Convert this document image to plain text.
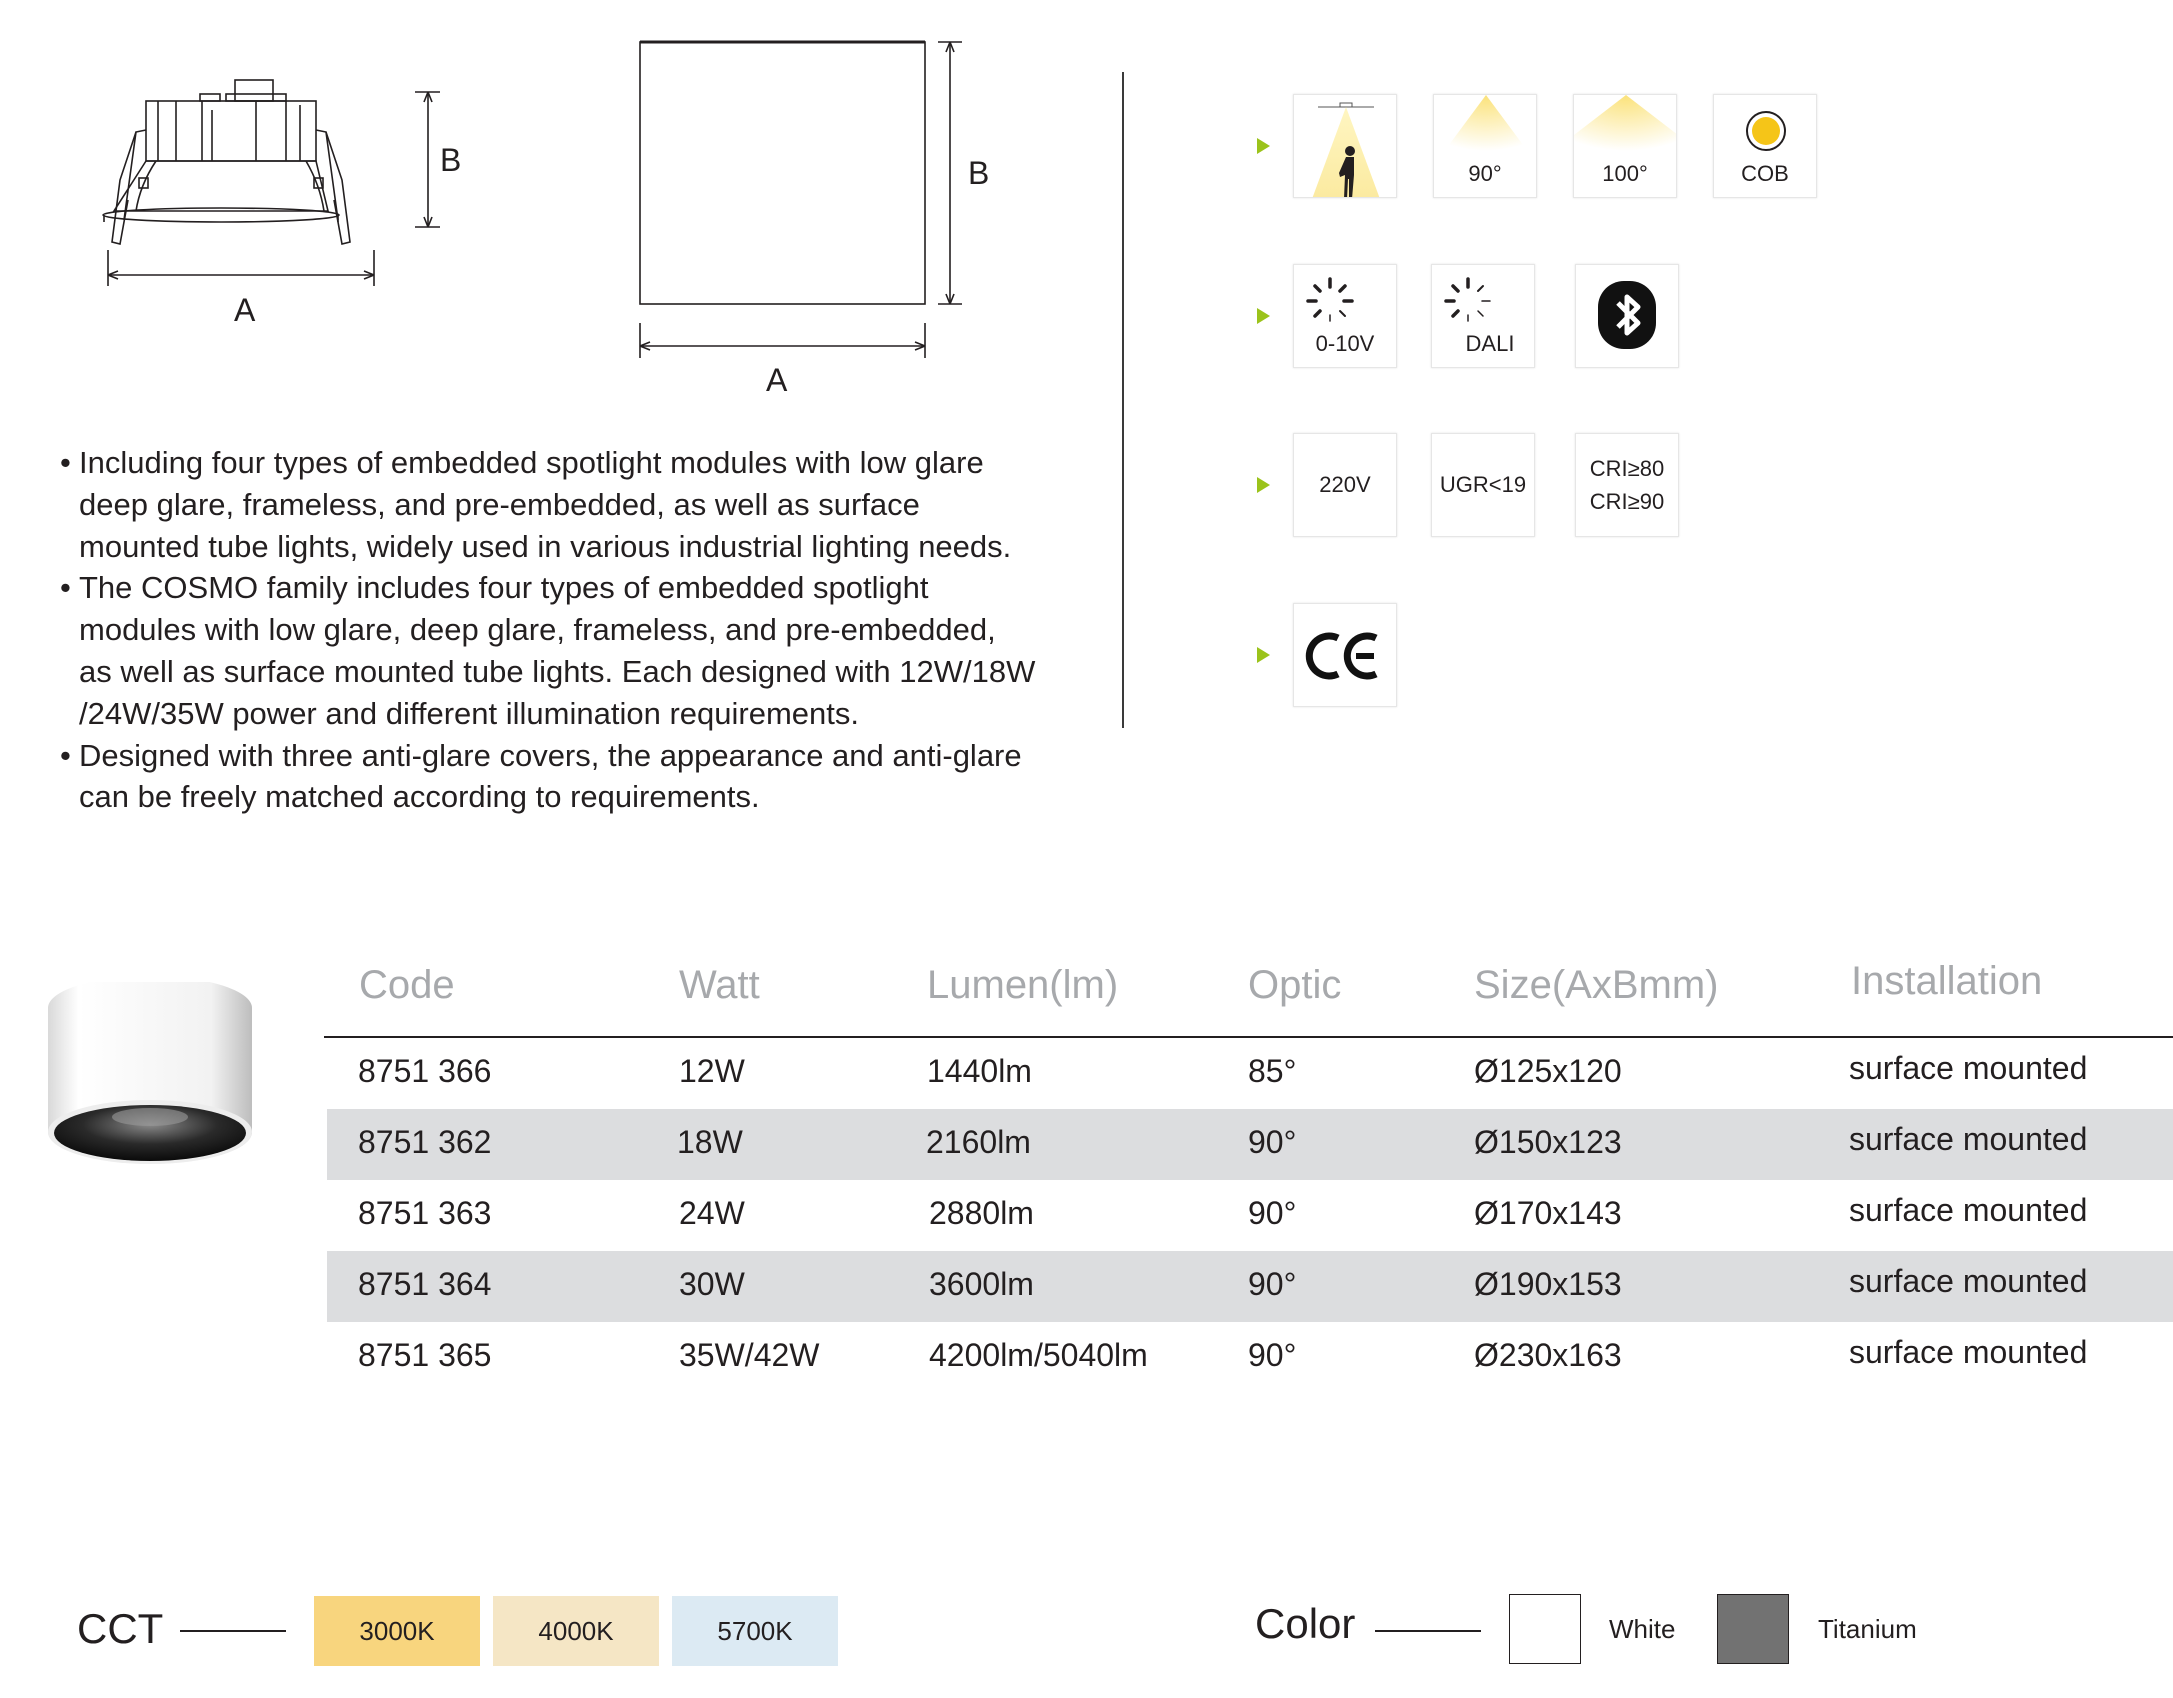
B
A
B
A
• Including four types of embedded spotlight modules with low glare
deep glare, frameless, and pre-embedded, as well as surface
mounted tube lights, widely used in various industrial lighting needs.
• The COSMO family includes four types of embedded spotlight
modules with low glare, deep glare, frameless, and pre-embedded,
as well as surface mounted tube lights. Each designed with 12W/18W
/24W/35W power and different illumination requirements.
• Designed with three anti-glare covers, the appearance and anti-glare
can be freely matched according to requirements.
90°	100°	COB
0-10V	DALI
220V	UGR<19
CRI≥80
CRI≥90
Code	Watt	Lumen(lm)	Optic	Size(AxBmm)	Installation
8751 366	12W	1440lm	85°	Ø125x120	surface mounted
8751 362	18W	2160lm	90°	Ø150x123	surface mounted
8751 363	24W	2880lm	90°	Ø170x143	surface mounted
8751 364	30W	3600lm	90°	Ø190x153	surface mounted
8751 365	35W/42W	4200lm/5040lm	90°	Ø230x163	surface mounted
CCT	3000K	4000K	5700K	Color	White	Titanium
